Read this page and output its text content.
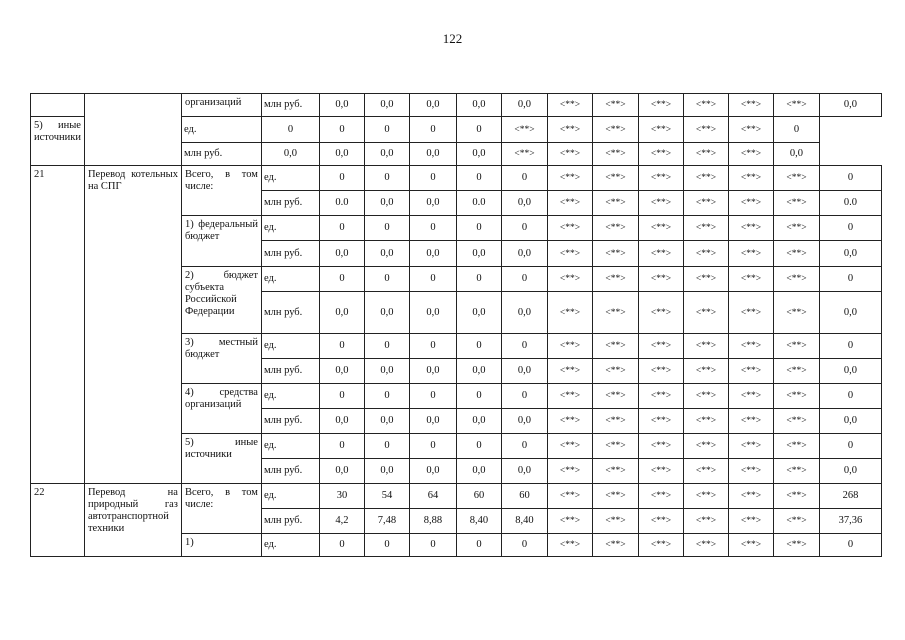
122
		организаций	млн руб.	0,0	0,0	0,0	0,0	0,0	<**>	<**>	<**>	<**>	<**>	<**>	0,0
5) иные источники		ед.	0	0	0	0	0	<**>	<**>	<**>	<**>	<**>	<**>	0	
		млн руб.	0,0	0,0	0,0	0,0	0,0	<**>	<**>	<**>	<**>	<**>	<**>	0,0	
21	Перевод котельных на СПГ	Всего, в том числе:	ед.	0	0	0	0	0	<**>	<**>	<**>	<**>	<**>	<**>	0
			млн руб.	0.0	0,0	0,0	0.0	0,0	<**>	<**>	<**>	<**>	<**>	<**>	0.0
		1) федеральный бюджет	ед.	0	0	0	0	0	<**>	<**>	<**>	<**>	<**>	<**>	0
			млн руб.	0,0	0,0	0,0	0,0	0,0	<**>	<**>	<**>	<**>	<**>	<**>	0,0
		2) бюджет субъекта Российской Федерации	ед.	0	0	0	0	0	<**>	<**>	<**>	<**>	<**>	<**>	0
			млн руб.	0,0	0,0	0,0	0,0	0,0	<**>	<**>	<**>	<**>	<**>	<**>	0,0
		3) местный бюджет	ед.	0	0	0	0	0	<**>	<**>	<**>	<**>	<**>	<**>	0
			млн руб.	0,0	0,0	0,0	0,0	0,0	<**>	<**>	<**>	<**>	<**>	<**>	0,0
		4) средства организаций	ед.	0	0	0	0	0	<**>	<**>	<**>	<**>	<**>	<**>	0
			млн руб.	0,0	0,0	0,0	0,0	0,0	<**>	<**>	<**>	<**>	<**>	<**>	0,0
		5) иные источники	ед.	0	0	0	0	0	<**>	<**>	<**>	<**>	<**>	<**>	0
			млн руб.	0,0	0,0	0,0	0,0	0,0	<**>	<**>	<**>	<**>	<**>	<**>	0,0
22	Перевод на природный газ автотранспортной техники	Всего, в том числе:	ед.	30	54	64	60	60	<**>	<**>	<**>	<**>	<**>	<**>	268
			млн руб.	4,2	7,48	8,88	8,40	8,40	<**>	<**>	<**>	<**>	<**>	<**>	37,36
		1)	ед.	0	0	0	0	0	<**>	<**>	<**>	<**>	<**>	<**>	0
